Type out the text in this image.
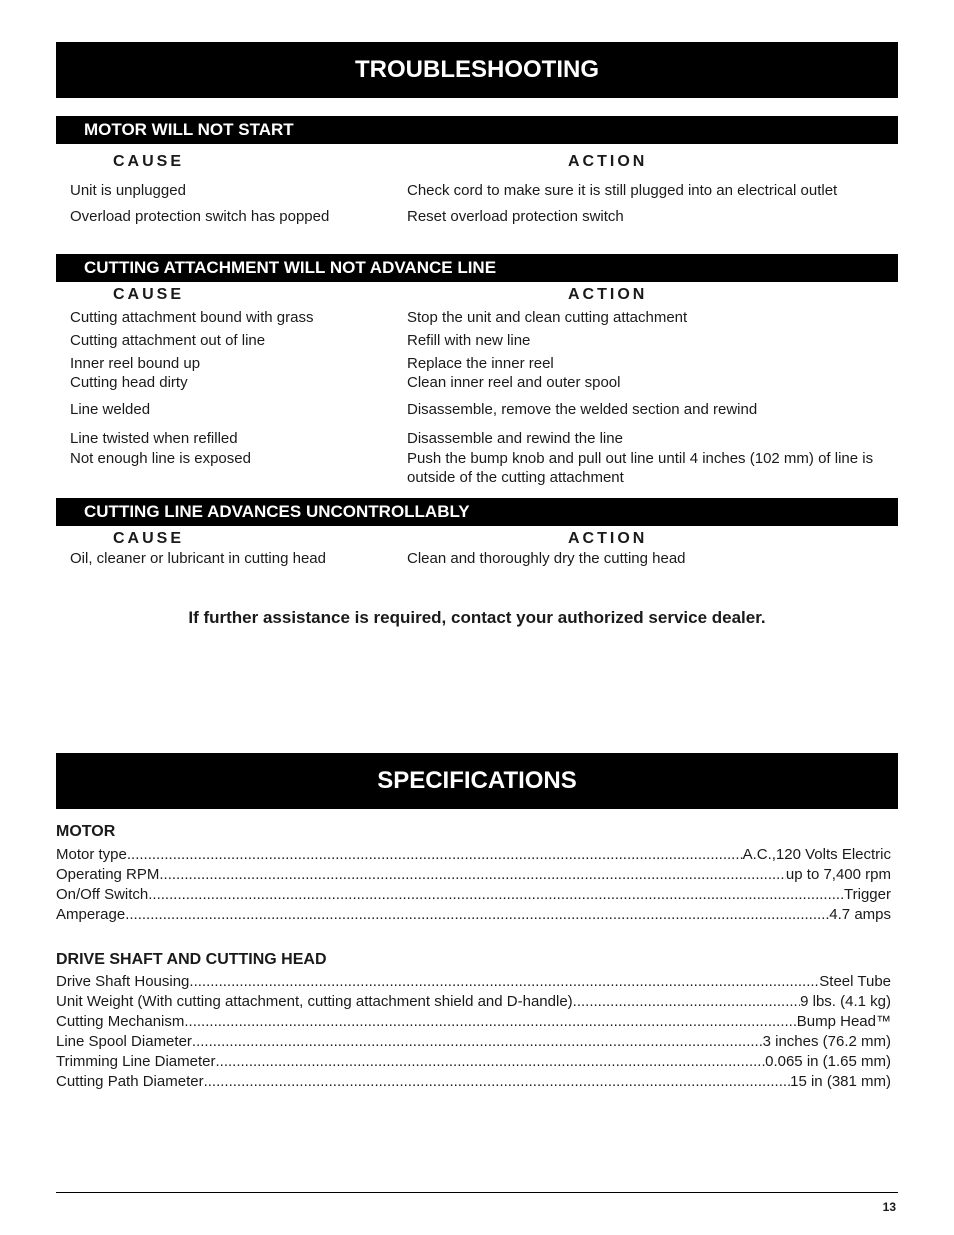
TROUBLESHOOTING
MOTOR WILL NOT START
CAUSE	ACTION
Unit is unplugged	Check cord to make sure it is still plugged into an electrical outlet
Overload protection switch has popped	Reset overload protection switch
CUTTING ATTACHMENT WILL NOT ADVANCE LINE
CAUSE	ACTION
Cutting attachment bound with grass	Stop the unit and clean cutting attachment
Cutting attachment out of line	Refill with new line
Inner reel bound up	Replace the inner reel
Cutting head dirty	Clean inner reel and outer spool
Line welded	Disassemble, remove the welded section and rewind
Line twisted when refilled	Disassemble and rewind the line
Not enough line is exposed	Push the bump knob and pull out line until 4 inches (102 mm) of line is outside of the cutting attachment
CUTTING LINE ADVANCES UNCONTROLLABLY
CAUSE	ACTION
Oil, cleaner or lubricant in cutting head	Clean and thoroughly dry the cutting head
If further assistance is required, contact your authorized service dealer.
SPECIFICATIONS
MOTOR
Motor type .....	A.C.,120 Volts Electric
Operating RPM .....	up to 7,400 rpm
On/Off Switch .....	Trigger
Amperage .....	4.7 amps
DRIVE SHAFT AND CUTTING HEAD
Drive Shaft Housing .....	Steel Tube
Unit Weight (With cutting attachment, cutting attachment shield and D-handle) .....	9 lbs. (4.1 kg)
Cutting Mechanism .....	Bump Head™
Line Spool Diameter .....	3 inches (76.2 mm)
Trimming Line Diameter .....	0.065 in (1.65 mm)
Cutting Path Diameter .....	15 in (381 mm)
13
